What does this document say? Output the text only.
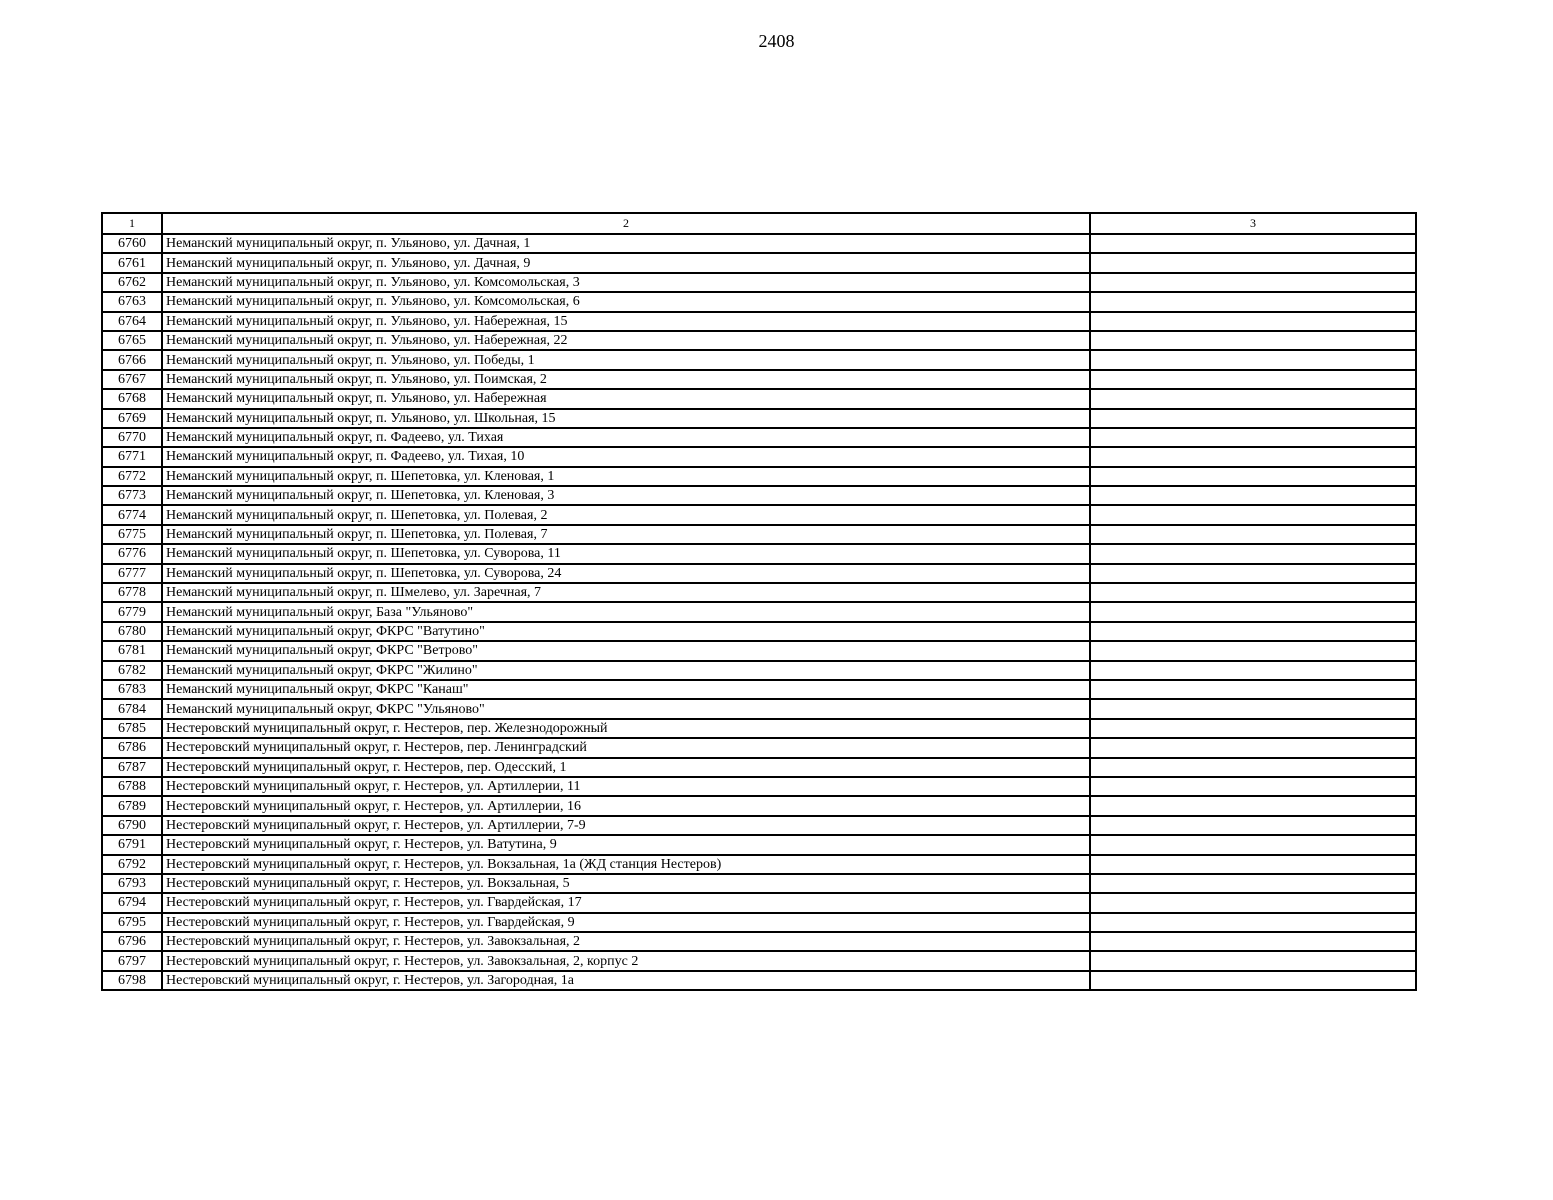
2408
1	2	3
6760	Неманский муниципальный округ, п. Ульяново, ул. Дачная, 1	
6761	Неманский муниципальный округ, п. Ульяново, ул. Дачная, 9	
6762	Неманский муниципальный округ, п. Ульяново, ул. Комсомольская, 3	
6763	Неманский муниципальный округ, п. Ульяново, ул. Комсомольская, 6	
6764	Неманский муниципальный округ, п. Ульяново, ул. Набережная, 15	
6765	Неманский муниципальный округ, п. Ульяново, ул. Набережная, 22	
6766	Неманский муниципальный округ, п. Ульяново, ул. Победы, 1	
6767	Неманский муниципальный округ, п. Ульяново, ул. Поимская, 2	
6768	Неманский муниципальный округ, п. Ульяново, ул. Набережная	
6769	Неманский муниципальный округ, п. Ульяново, ул. Школьная, 15	
6770	Неманский муниципальный округ, п. Фадеево, ул. Тихая	
6771	Неманский муниципальный округ, п. Фадеево, ул. Тихая, 10	
6772	Неманский муниципальный округ, п. Шепетовка, ул. Кленовая, 1	
6773	Неманский муниципальный округ, п. Шепетовка, ул. Кленовая, 3	
6774	Неманский муниципальный округ, п. Шепетовка, ул. Полевая, 2	
6775	Неманский муниципальный округ, п. Шепетовка, ул. Полевая, 7	
6776	Неманский муниципальный округ, п. Шепетовка, ул. Суворова, 11	
6777	Неманский муниципальный округ, п. Шепетовка, ул. Суворова, 24	
6778	Неманский муниципальный округ, п. Шмелево, ул. Заречная, 7	
6779	Неманский муниципальный округ, База "Ульяново"	
6780	Неманский муниципальный округ, ФКРС "Ватутино"	
6781	Неманский муниципальный округ, ФКРС "Ветрово"	
6782	Неманский муниципальный округ, ФКРС "Жилино"	
6783	Неманский муниципальный округ, ФКРС "Канаш"	
6784	Неманский муниципальный округ, ФКРС "Ульяново"	
6785	Нестеровский муниципальный округ, г. Нестеров, пер. Железнодорожный	
6786	Нестеровский муниципальный округ, г. Нестеров, пер. Ленинградский	
6787	Нестеровский муниципальный округ, г. Нестеров, пер. Одесский, 1	
6788	Нестеровский муниципальный округ, г. Нестеров, ул. Артиллерии, 11	
6789	Нестеровский муниципальный округ, г. Нестеров, ул. Артиллерии, 16	
6790	Нестеровский муниципальный округ, г. Нестеров, ул. Артиллерии, 7-9	
6791	Нестеровский муниципальный округ, г. Нестеров, ул. Ватутина, 9	
6792	Нестеровский муниципальный округ, г. Нестеров, ул. Вокзальная, 1а (ЖД станция Нестеров)	
6793	Нестеровский муниципальный округ, г. Нестеров, ул. Вокзальная, 5	
6794	Нестеровский муниципальный округ, г. Нестеров, ул. Гвардейская, 17	
6795	Нестеровский муниципальный округ, г. Нестеров, ул. Гвардейская, 9	
6796	Нестеровский муниципальный округ, г. Нестеров, ул. Завокзальная, 2	
6797	Нестеровский муниципальный округ, г. Нестеров, ул. Завокзальная, 2, корпус 2	
6798	Нестеровский муниципальный округ, г. Нестеров, ул. Загородная, 1а	
